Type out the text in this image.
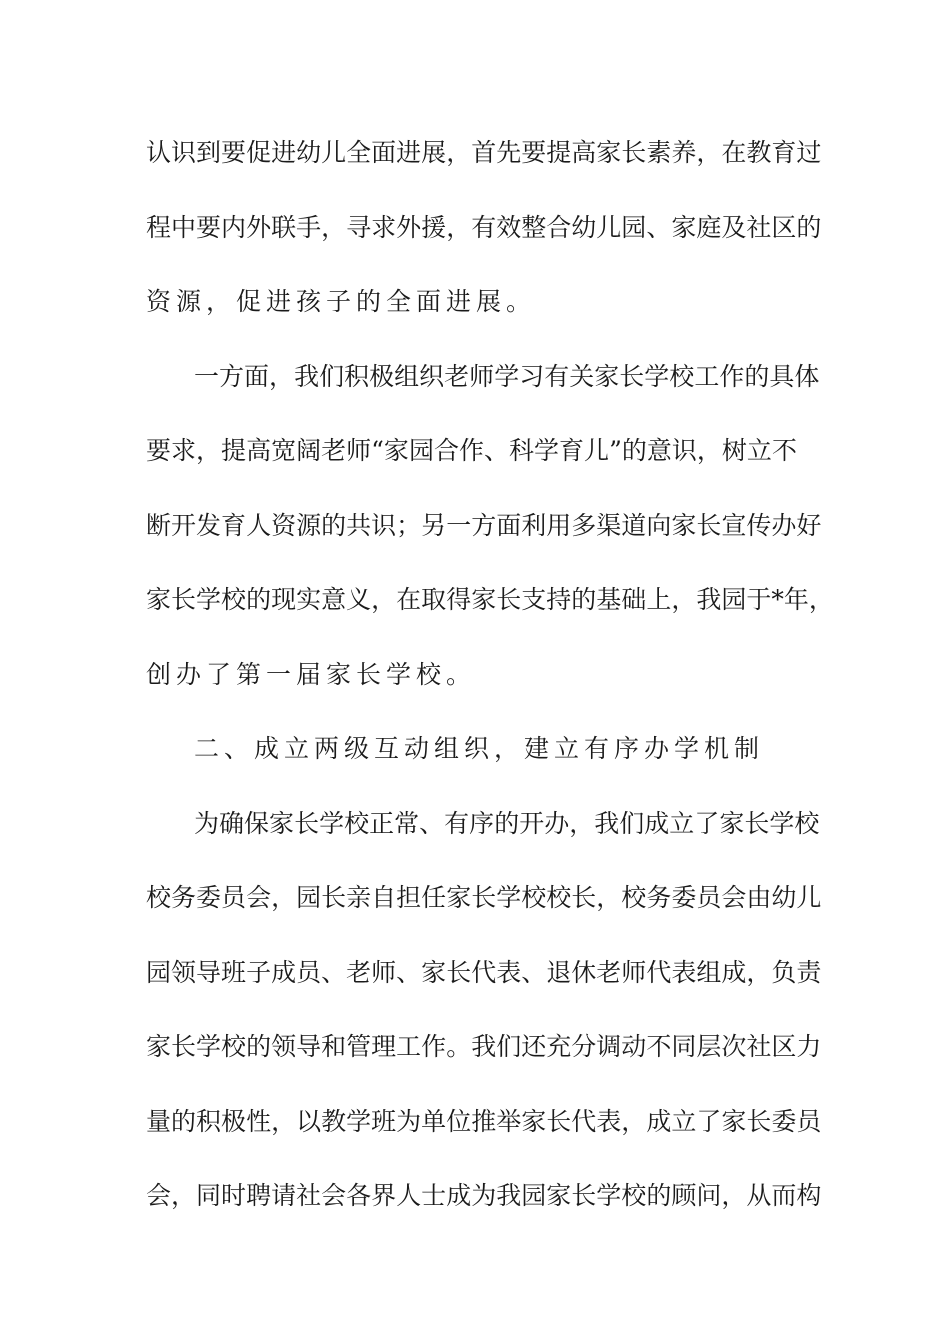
认 识 到 要 促 进 幼 儿 全 面 进 展 ， 首 先 要 提 高 家 长 素 养 ， 在 教 育 过
程 中 要 内 外 联 手 ， 寻 求 外 援 ， 有 效 整 合 幼 儿 园 、 家 庭 及 社 区 的
资源，促进孩子的全面进展。
一 方 面 ， 我 们 积 极 组 织 老 师 学 习 有 关 家 长 学 校 工 作 的 具 体
要 求 ， 提 高 宽 阔 老 师 “ 家 园 合 作 、 科 学 育 儿 ” 的 意 识 ， 树 立 不
断 开 发 育 人 资 源 的 共 识 ； 另 一 方 面 利 用 多 渠 道 向 家 长 宣 传 办 好
家 长 学 校 的 现 实 意 义 ， 在 取 得 家 长 支 持 的 基 础 上 ， 我 园 于 * 年 ，
创办了第一届家长学校。
二、成立两级互动组织，建立有序办学机制
为 确 保 家 长 学 校 正 常 、 有 序 的 开 办 ， 我 们 成 立 了 家 长 学 校
校 务 委 员 会 ， 园 长 亲 自 担 任 家 长 学 校 校 长 ， 校 务 委 员 会 由 幼 儿
园 领 导 班 子 成 员 、 老 师 、 家 长 代 表 、 退 休 老 师 代 表 组 成 ， 负 责
家 长 学 校 的 领 导 和 管 理 工 作 。 我 们 还 充 分 调 动 不 同 层 次 社 区 力
量 的 积 极 性 ， 以 教 学 班 为 单 位 推 举 家 长 代 表 ， 成 立 了 家 长 委 员
会 ， 同 时 聘 请 社 会 各 界 人 士 成 为 我 园 家 长 学 校 的 顾 问 ， 从 而 构
